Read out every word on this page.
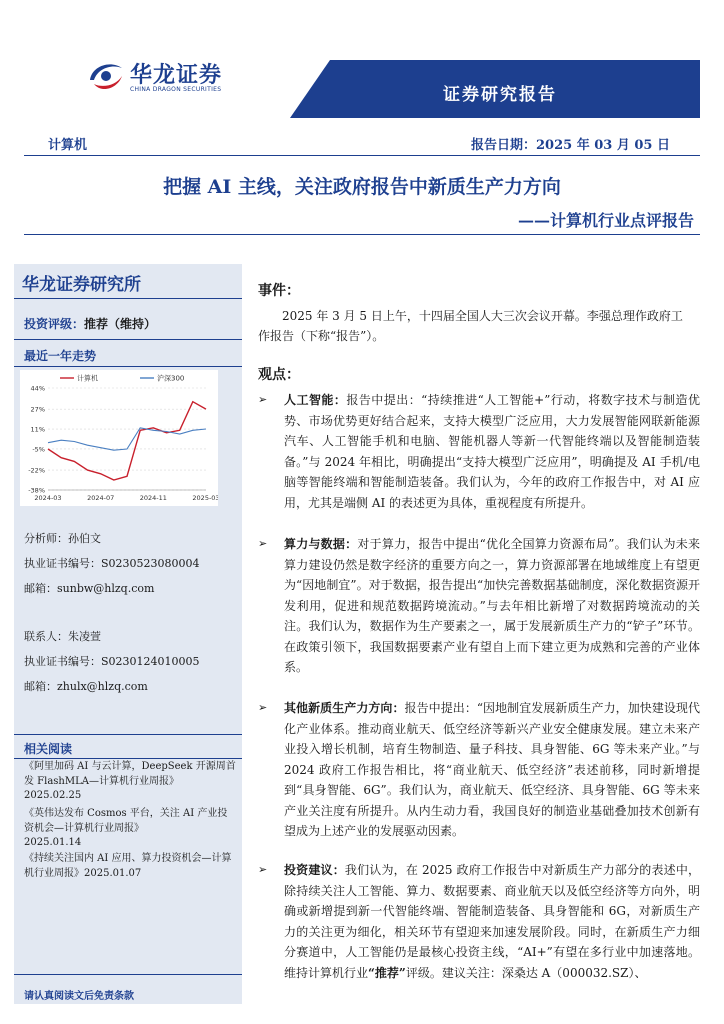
华龙证券
CHINA DRAGON SECURITIES	证券研究报告
计算机	报告日期：2025 年 03 月 05 日
把握 AI 主线，关注政府报告中新质生产力方向
——计算机行业点评报告
华龙证券研究所
投资评级：推荐（维持）
最近一年走势
44%
27%
11%
-5%
-22%
-38%
2024-03	2024-07	2024-11	2025-03
计算机	沪深300
分析师：孙伯文
执业证书编号：S0230523080004
邮箱：sunbw@hlzq.com
联系人：朱凌萱
执业证书编号：S0230124010005
邮箱：zhulx@hlzq.com
相关阅读
《阿里加码 AI 与云计算，DeepSeek 开源周首发 FlashMLA—计算机行业周报》
2025.02.25
《英伟达发布 Cosmos 平台，关注 AI 产业投资机会—计算机行业周报》
2025.01.14
《持续关注国内 AI 应用、算力投资机会—计算机行业周报》2025.01.07
请认真阅读文后免责条款
事件：
2025 年 3 月 5 日上午，十四届全国人大三次会议开幕。李强总理作政府工作报告（下称“报告”）。
观点：
➢ 人工智能：报告中提出：“持续推进“人工智能+”行动，将数字技术与制造优势、市场优势更好结合起来，支持大模型广泛应用，大力发展智能网联新能源汽车、人工智能手机和电脑、智能机器人等新一代智能终端以及智能制造装备。”与 2024 年相比，明确提出“支持大模型广泛应用”，明确提及 AI 手机/电脑等智能终端和智能制造装备。我们认为，今年的政府工作报告中，对 AI 应用，尤其是端侧 AI 的表述更为具体，重视程度有所提升。
➢ 算力与数据：对于算力，报告中提出“优化全国算力资源布局”。我们认为未来算力建设仍然是数字经济的重要方向之一，算力资源部署在地域维度上有望更为“因地制宜”。对于数据，报告提出“加快完善数据基础制度，深化数据资源开发利用，促进和规范数据跨境流动。”与去年相比新增了对数据跨境流动的关注。我们认为，数据作为生产要素之一，属于发展新质生产力的“铲子”环节。在政策引领下，我国数据要素产业有望自上而下建立更为成熟和完善的产业体系。
➢ 其他新质生产力方向：报告中提出：“因地制宜发展新质生产力，加快建设现代化产业体系。推动商业航天、低空经济等新兴产业安全健康发展。建立未来产业投入增长机制，培育生物制造、量子科技、具身智能、6G 等未来产业。”与 2024 政府工作报告相比，将“商业航天、低空经济”表述前移，同时新增提到“具身智能、6G”。我们认为，商业航天、低空经济、具身智能、6G 等未来产业关注度有所提升。从内生动力看，我国良好的制造业基础叠加技术创新有望成为上述产业的发展驱动因素。
➢ 投资建议：我们认为，在 2025 政府工作报告中对新质生产力部分的表述中，除持续关注人工智能、算力、数据要素、商业航天以及低空经济等方向外，明确或新增提到新一代智能终端、智能制造装备、具身智能和 6G，对新质生产力的关注更为细化，相关环节有望迎来加速发展阶段。同时，在新质生产力细分赛道中，人工智能仍是最核心投资主线，“AI+”有望在多行业中加速落地。维持计算机行业“推荐”评级。建议关注：深桑达 A（000032.SZ）、
